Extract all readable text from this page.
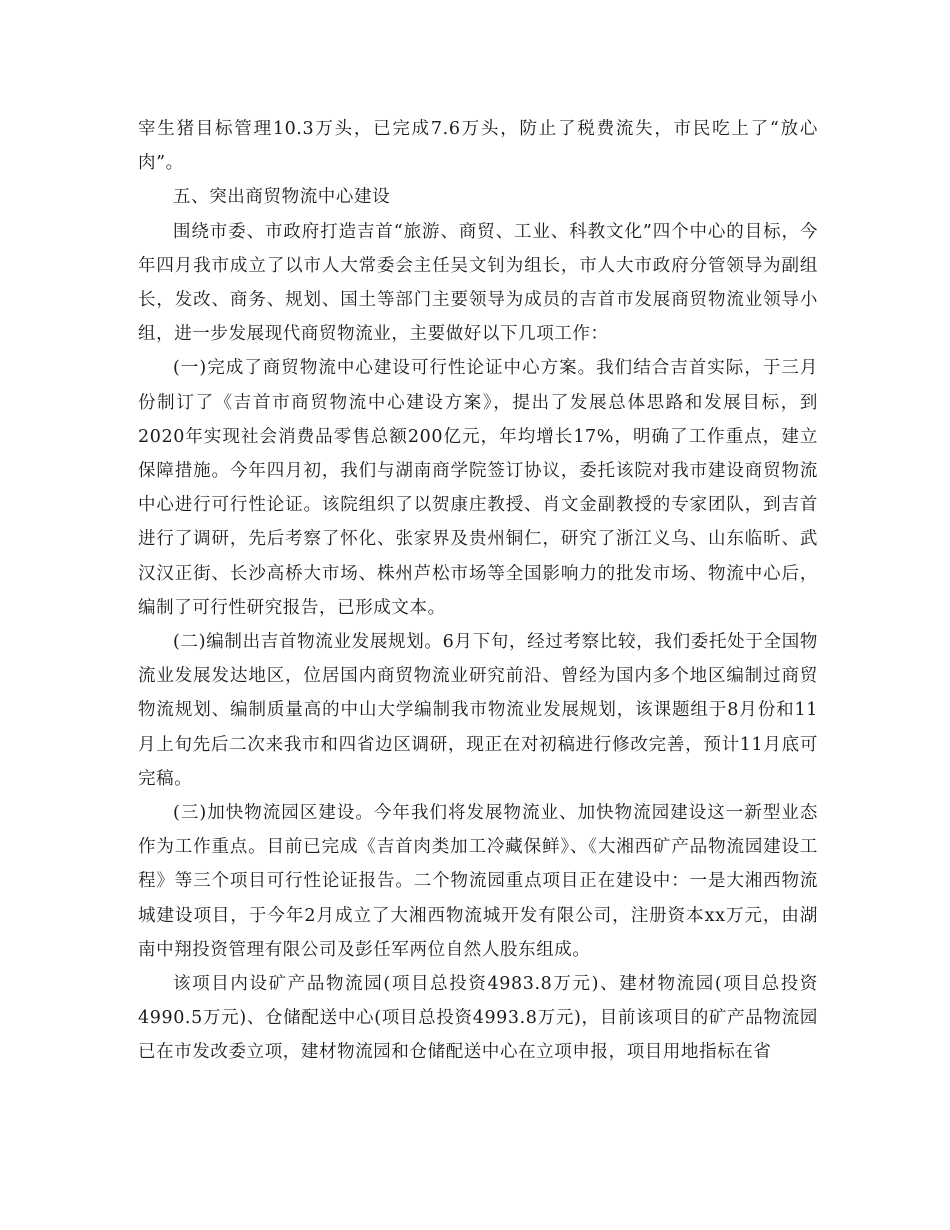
宰生猪目标管理10.3万头，已完成7.6万头，防止了税费流失，市民吃上了“放心肉”。

五、突出商贸物流中心建设

围绕市委、市政府打造吉首“旅游、商贸、工业、科教文化”四个中心的目标，今年四月我市成立了以市人大常委会主任吴文钊为组长，市人大市政府分管领导为副组长，发改、商务、规划、国土等部门主要领导为成员的吉首市发展商贸物流业领导小组，进一步发展现代商贸物流业，主要做好以下几项工作：

(一)完成了商贸物流中心建设可行性论证中心方案。我们结合吉首实际，于三月份制订了《吉首市商贸物流中心建设方案》，提出了发展总体思路和发展目标，到2020年实现社会消费品零售总额200亿元，年均增长17%，明确了工作重点，建立保障措施。今年四月初，我们与湖南商学院签订协议，委托该院对我市建设商贸物流中心进行可行性论证。该院组织了以贺康庄教授、肖文金副教授的专家团队，到吉首进行了调研，先后考察了怀化、张家界及贵州铜仁，研究了浙江义乌、山东临昕、武汉汉正街、长沙高桥大市场、株州芦松市场等全国影响力的批发市场、物流中心后，编制了可行性研究报告，已形成文本。

(二)编制出吉首物流业发展规划。6月下旬，经过考察比较，我们委托处于全国物流业发展发达地区，位居国内商贸物流业研究前沿、曾经为国内多个地区编制过商贸物流规划、编制质量高的中山大学编制我市物流业发展规划，该课题组于8月份和11月上旬先后二次来我市和四省边区调研，现正在对初稿进行修改完善，预计11月底可完稿。

(三)加快物流园区建设。今年我们将发展物流业、加快物流园建设这一新型业态作为工作重点。目前已完成《吉首肉类加工冷藏保鲜》、《大湘西矿产品物流园建设工程》等三个项目可行性论证报告。二个物流园重点项目正在建设中：一是大湘西物流城建设项目，于今年2月成立了大湘西物流城开发有限公司，注册资本xx万元，由湖南中翔投资管理有限公司及彭任军两位自然人股东组成。

该项目内设矿产品物流园(项目总投资4983.8万元)、建材物流园(项目总投资4990.5万元)、仓储配送中心(项目总投资4993.8万元)，目前该项目的矿产品物流园已在市发改委立项，建材物流园和仓储配送中心在立项申报，项目用地指标在省
